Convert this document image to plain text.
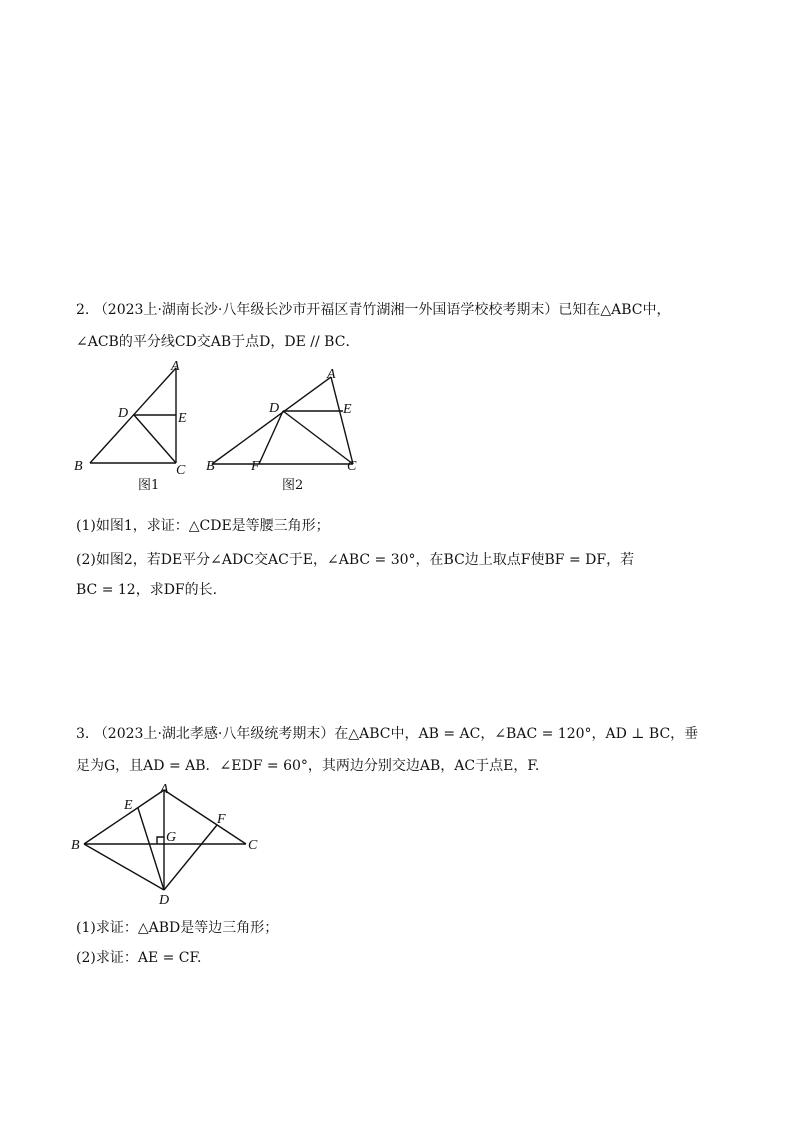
2. （2023上·湖南长沙·八年级长沙市开福区青竹湖湘一外国语学校校考期末）已知在△ABC中，
∠ACB的平分线CD交AB于点D，DE // BC．
A
D	E
B	C
图1
A
D	E
B	F	C
图2
(1)如图1，求证：△CDE是等腰三角形；
(2)如图2，若DE平分∠ADC交AC于E，∠ABC = 30°，在BC边上取点F使BF = DF，若
BC = 12，求DF的长.
3. （2023上·湖北孝感·八年级统考期末）在△ABC中，AB = AC，∠BAC = 120°，AD ⊥ BC，垂
足为G，且AD = AB．∠EDF = 60°，其两边分别交边AB，AC于点E，F.
A
E
F
B
G
C
D
(1)求证：△ABD是等边三角形；
(2)求证：AE = CF.
